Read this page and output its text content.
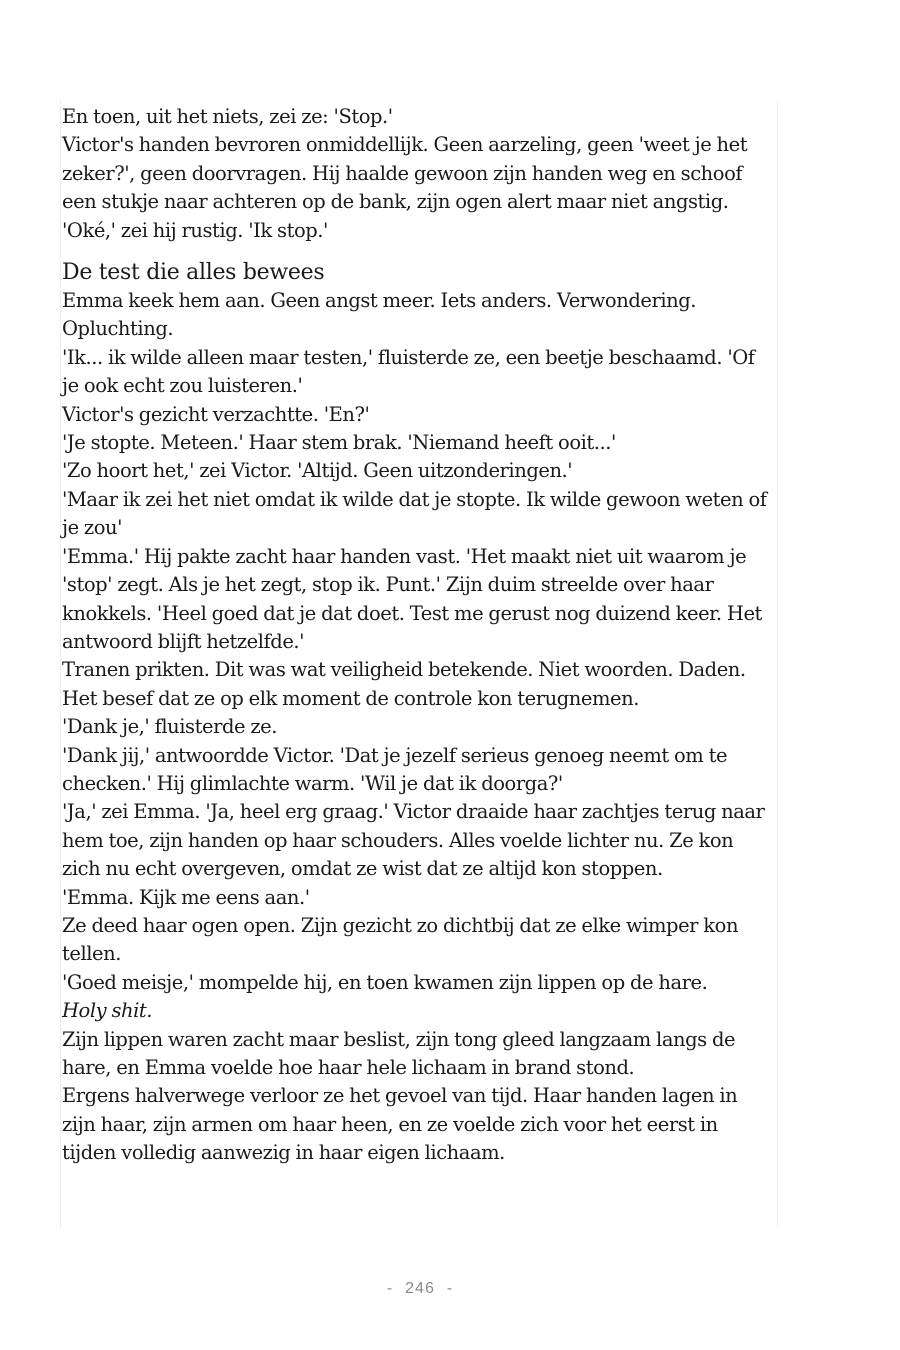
En toen, uit het niets, zei ze: 'Stop.'

Victor's handen bevroren onmiddellijk. Geen aarzeling, geen 'weet je het zeker?', geen doorvragen. Hij haalde gewoon zijn handen weg en schoof een stukje naar achteren op de bank, zijn ogen alert maar niet angstig.

'Oké,' zei hij rustig. 'Ik stop.'

De test die alles bewees

Emma keek hem aan. Geen angst meer. Iets anders. Verwondering. Opluchting.

'Ik... ik wilde alleen maar testen,' fluisterde ze, een beetje beschaamd. 'Of je ook echt zou luisteren.'

Victor's gezicht verzachtte. 'En?'

'Je stopte. Meteen.' Haar stem brak. 'Niemand heeft ooit...'

'Zo hoort het,' zei Victor. 'Altijd. Geen uitzonderingen.'

'Maar ik zei het niet omdat ik wilde dat je stopte. Ik wilde gewoon weten of je zou'

'Emma.' Hij pakte zacht haar handen vast. 'Het maakt niet uit waarom je 'stop' zegt. Als je het zegt, stop ik. Punt.' Zijn duim streelde over haar knokkels. 'Heel goed dat je dat doet. Test me gerust nog duizend keer. Het antwoord blijft hetzelfde.'

Tranen prikten. Dit was wat veiligheid betekende. Niet woorden. Daden. Het besef dat ze op elk moment de controle kon terugnemen.

'Dank je,' fluisterde ze.

'Dank jij,' antwoordde Victor. 'Dat je jezelf serieus genoeg neemt om te checken.' Hij glimlachte warm. 'Wil je dat ik doorga?'

'Ja,' zei Emma. 'Ja, heel erg graag.' Victor draaide haar zachtjes terug naar hem toe, zijn handen op haar schouders. Alles voelde lichter nu. Ze kon zich nu echt overgeven, omdat ze wist dat ze altijd kon stoppen.

'Emma. Kijk me eens aan.'

Ze deed haar ogen open. Zijn gezicht zo dichtbij dat ze elke wimper kon tellen.

'Goed meisje,' mompelde hij, en toen kwamen zijn lippen op de hare.

Holy shit.

Zijn lippen waren zacht maar beslist, zijn tong gleed langzaam langs de hare, en Emma voelde hoe haar hele lichaam in brand stond.

Ergens halverwege verloor ze het gevoel van tijd. Haar handen lagen in zijn haar, zijn armen om haar heen, en ze voelde zich voor het eerst in tijden volledig aanwezig in haar eigen lichaam.

- 246 -
